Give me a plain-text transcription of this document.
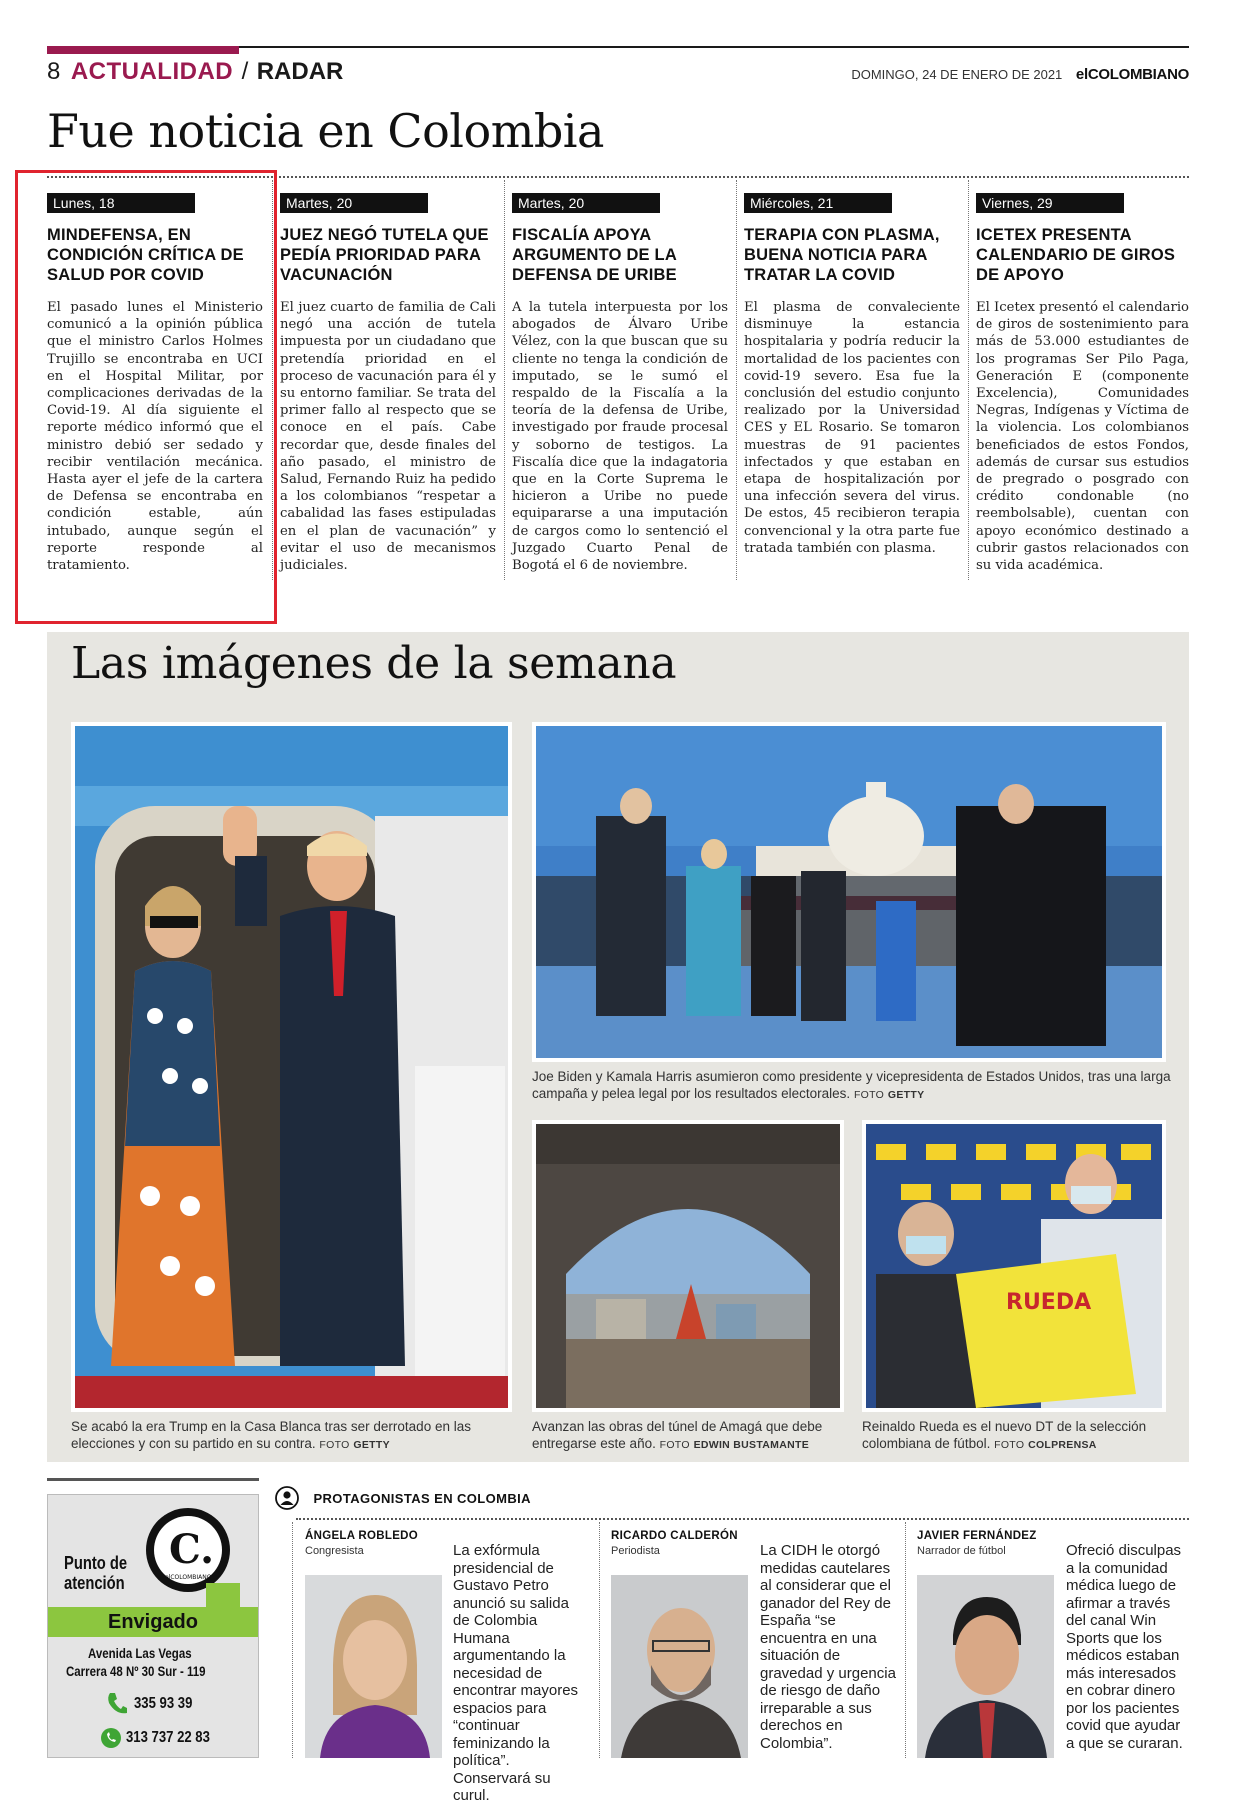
8 ACTUALIDAD / RADAR	DOMINGO, 24 DE ENERO DE 2021 elCOLOMBIANO
Fue noticia en Colombia
Lunes, 18
MINDEFENSA, EN CONDICIÓN CRÍTICA DE SALUD POR COVID

El pasado lunes el Ministerio comunicó a la opinión pública que el ministro Carlos Holmes Trujillo se encontraba en UCI en el Hospital Militar, por complicaciones derivadas de la Covid-19. Al día siguiente el reporte médico informó que el ministro debió ser sedado y recibir ventilación mecánica. Hasta ayer el jefe de la cartera de Defensa se encontraba en condición estable, aún intubado, aunque según el reporte responde al tratamiento.

Martes, 20
JUEZ NEGÓ TUTELA QUE PEDÍA PRIORIDAD PARA VACUNACIÓN

El juez cuarto de familia de Cali negó una acción de tutela impuesta por un ciudadano que pretendía prioridad en el proceso de vacunación para él y su entorno familiar. Se trata del primer fallo al respecto que se conoce en el país. Cabe recordar que, desde finales del año pasado, el ministro de Salud, Fernando Ruiz ha pedido a los colombianos “respetar a cabalidad las fases estipuladas en el plan de vacunación” y evitar el uso de mecanismos judiciales.

Martes, 20
FISCALÍA APOYA ARGUMENTO DE LA DEFENSA DE URIBE

A la tutela interpuesta por los abogados de Álvaro Uribe Vélez, con la que buscan que su cliente no tenga la condición de imputado, se le sumó el respaldo de la Fiscalía a la teoría de la defensa de Uribe, investigado por fraude procesal y soborno de testigos. La Fiscalía dice que la indagatoria que en la Corte Suprema le hicieron a Uribe no puede equipararse a una imputación de cargos como lo sentenció el Juzgado Cuarto Penal de Bogotá el 6 de noviembre.

Miércoles, 21
TERAPIA CON PLASMA, BUENA NOTICIA PARA TRATAR LA COVID

El plasma de convaleciente disminuye la estancia hospitalaria y podría reducir la mortalidad de los pacientes con covid-19 severo. Esa fue la conclusión del estudio conjunto realizado por la Universidad CES y EL Rosario. Se tomaron muestras de 91 pacientes infectados y que estaban en etapa de hospitalización por una infección severa del virus. De estos, 45 recibieron terapia convencional y la otra parte fue tratada también con plasma.

Viernes, 29
ICETEX PRESENTA CALENDARIO DE GIROS DE APOYO

El Icetex presentó el calendario de giros de sostenimiento para más de 53.000 estudiantes de los programas Ser Pilo Paga, Generación E (componente Excelencia), Comunidades Negras, Indígenas y Víctima de la violencia. Los colombianos beneficiados de estos Fondos, además de cursar sus estudios de pregrado o posgrado con crédito condonable (no reembolsable), cuentan con apoyo económico destinado a cubrir gastos relacionados con su vida académica.

Las imágenes de la semana
Se acabó la era Trump en la Casa Blanca tras ser derrotado en las elecciones y con su partido en su contra. FOTO GETTY
Joe Biden y Kamala Harris asumieron como presidente y vicepresidenta de Estados Unidos, tras una larga campaña y pelea legal por los resultados electorales. FOTO GETTY
Avanzan las obras del túnel de Amagá que debe entregarse este año. FOTO EDWIN BUSTAMANTE
RUEDA
Reinaldo Rueda es el nuevo DT de la selección colombiana de fútbol. FOTO COLPRENSA
Punto de
atención
C.
elCOLOMBIANO
Envigado
Avenida Las Vegas
Carrera 48 Nº 30 Sur - 119
335 93 39
313 737 22 83
PROTAGONISTAS EN COLOMBIA
ÁNGELA ROBLEDO
Congresista	La exfórmula presidencial de Gustavo Petro anunció su salida de Colombia Humana argumentando la necesidad de encontrar mayores espacios para “continuar feminizando la política”. Conservará su curul.
RICARDO CALDERÓN
Periodista	La CIDH le otorgó medidas cautelares al considerar que el ganador del Rey de España “se encuentra en una situación de gravedad y urgencia de riesgo de daño irreparable a sus derechos en Colombia”.
JAVIER FERNÁNDEZ
Narrador de fútbol	Ofreció disculpas a la comunidad médica luego de afirmar a través del canal Win Sports que los médicos estaban más interesados en cobrar dinero por los pacientes covid que ayudar a que se curaran.
